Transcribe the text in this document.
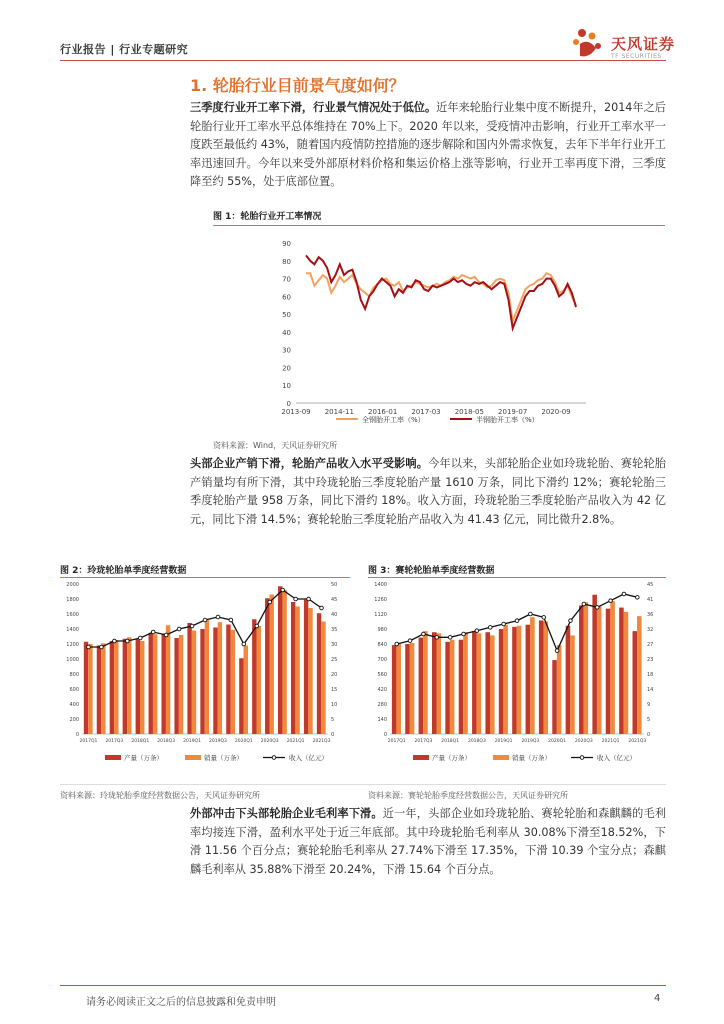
行业报告 | 行业专题研究	天风证券
TF SECURITIES
1. 轮胎行业目前景气度如何？
三季度行业开工率下滑，行业景气情况处于低位。近年来轮胎行业集中度不断提升，2014年之后轮胎行业开工率水平总体维持在 70%上下。2020 年以来，受疫情冲击影响，行业开工率水平一度跌至最低约 43%，随着国内疫情防控措施的逐步解除和国内外需求恢复，去年下半年行业开工率迅速回升。今年以来受外部原材料价格和集运价格上涨等影响，行业开工率再度下滑，三季度降至约 55%，处于底部位置。
图 1：轮胎行业开工率情况
0
10
20
30
40
50
60
70
80
90
2013-09 2014-11 2016-01 2017-03 2018-05 2019-07 2020-09
全钢胎开工率（%）	半钢胎开工率（%）
资料来源：Wind，天风证券研究所
头部企业产销下滑，轮胎产品收入水平受影响。今年以来，头部轮胎企业如玲珑轮胎、赛轮轮胎产销量均有所下滑，其中玲珑轮胎三季度轮胎产量 1610 万条，同比下滑约 12%；赛轮轮胎三季度轮胎产量 958 万条，同比下滑约 18%。收入方面，玲珑轮胎三季度轮胎产品收入为 42 亿元，同比下滑 14.5%；赛轮轮胎三季度轮胎产品收入为 41.43 亿元，同比微升2.8%。
图 2：玲珑轮胎单季度经营数据
0	0
200	5
400	10
600	15
800	20
1000	25
1200	30
1400	35
1600	40
1800	45
2000	50
2017Q1 2017Q3 2018Q1 2018Q3 2019Q1 2019Q3 2020Q1 2020Q3 2021Q1 2021Q3
产量（万条）	销量（万条）	收入（亿元）
图 3：赛轮轮胎单季度经营数据
0	0
140	5
280	9
420	14
560	18
700	23
840	27
980	32
1120	36
1260	41
1400	45
2017Q1 2017Q3 2018Q1 2018Q3 2019Q1 2019Q3 2020Q1 2020Q3 2021Q1 2021Q3
产量（万条）	销量（万条）	收入（亿元）
资料来源：玲珑轮胎季度经营数据公告，天风证券研究所	资料来源：赛轮轮胎季度经营数据公告，天风证券研究所
外部冲击下头部轮胎企业毛利率下滑。近一年，头部企业如玲珑轮胎、赛轮轮胎和森麒麟的毛利率均接连下滑，盈利水平处于近三年底部。其中玲珑轮胎毛利率从 30.08%下滑至18.52%，下滑 11.56 个百分点；赛轮轮胎毛利率从 27.74%下滑至 17.35%，下滑 10.39 个宝分点；森麒麟毛利率从 35.88%下滑至 20.24%，下滑 15.64 个百分点。
请务必阅读正文之后的信息披露和免责申明	4
